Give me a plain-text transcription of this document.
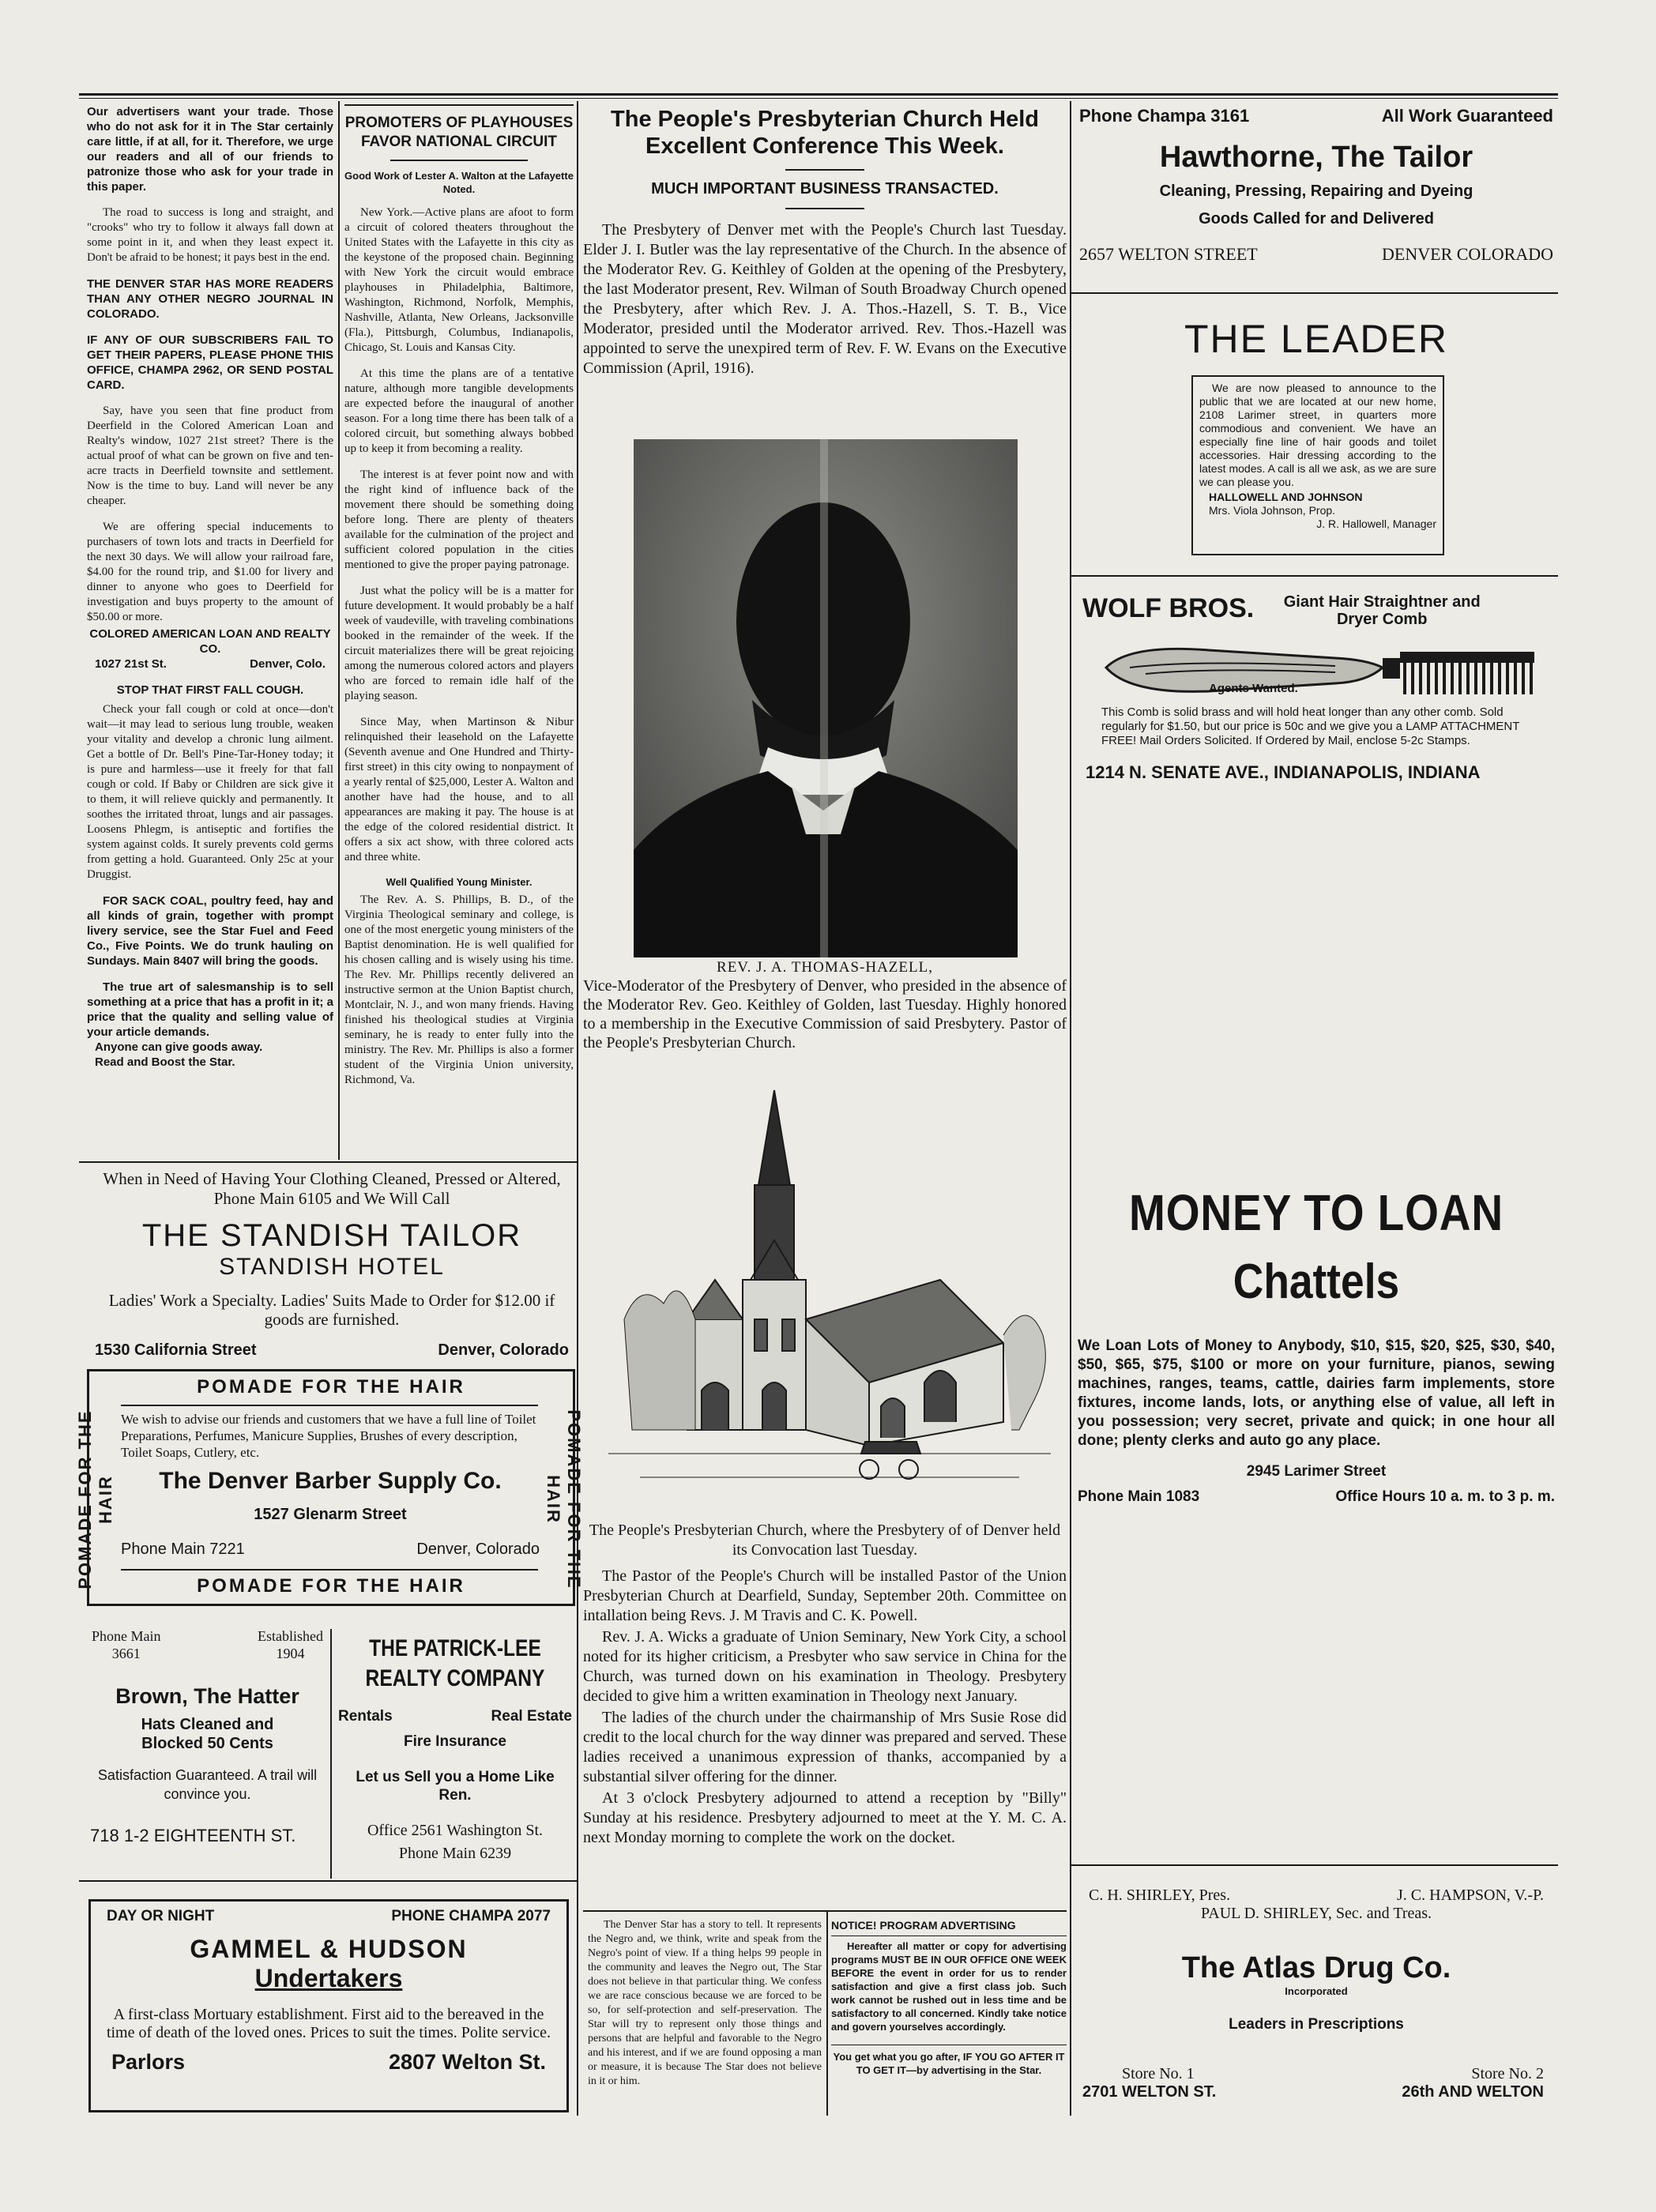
Our advertisers want your trade. Those who do not ask for it in The Star certainly care little, if at all, for it. Therefore, we urge our readers and all of our friends to patronize those who ask for your trade in this paper.

The road to success is long and straight, and "crooks" who try to follow it always fall down at some point in it, and when they least expect it. Don't be afraid to be honest; it pays best in the end.

THE DENVER STAR HAS MORE READERS THAN ANY OTHER NEGRO JOURNAL IN COLORADO.

IF ANY OF OUR SUBSCRIBERS FAIL TO GET THEIR PAPERS, PLEASE PHONE THIS OFFICE, CHAMPA 2962, OR SEND POSTAL CARD.

Say, have you seen that fine product from Deerfield in the Colored American Loan and Realty's window, 1027 21st street? There is the actual proof of what can be grown on five and ten-acre tracts in Deerfield townsite and settlement. Now is the time to buy. Land will never be any cheaper.

We are offering special inducements to purchasers of town lots and tracts in Deerfield for the next 30 days. We will allow your railroad fare, $4.00 for the round trip, and $1.00 for livery and dinner to anyone who goes to Deerfield for investigation and buys property to the amount of $50.00 or more.

COLORED AMERICAN LOAN AND REALTY CO.
1027 21st St.	Denver, Colo.
STOP THAT FIRST FALL COUGH.

Check your fall cough or cold at once—don't wait—it may lead to serious lung trouble, weaken your vitality and develop a chronic lung ailment. Get a bottle of Dr. Bell's Pine-Tar-Honey today; it is pure and harmless—use it freely for that fall cough or cold. If Baby or Children are sick give it to them, it will relieve quickly and permanently. It soothes the irritated throat, lungs and air passages. Loosens Phlegm, is antiseptic and fortifies the system against colds. It surely prevents cold germs from getting a hold. Guaranteed. Only 25c at your Druggist.

FOR SACK COAL, poultry feed, hay and all kinds of grain, together with prompt livery service, see the Star Fuel and Feed Co., Five Points. We do trunk hauling on Sundays. Main 8407 will bring the goods.

The true art of salesmanship is to sell something at a price that has a profit in it; a price that the quality and selling value of your article demands.

Anyone can give goods away.
Read and Boost the Star.
PROMOTERS OF PLAYHOUSES FAVOR NATIONAL CIRCUIT
Good Work of Lester A. Walton at the Lafayette Noted.

New York.—Active plans are afoot to form a circuit of colored theaters throughout the United States with the Lafayette in this city as the keystone of the proposed chain. Beginning with New York the circuit would embrace playhouses in Philadelphia, Baltimore, Washington, Richmond, Norfolk, Memphis, Nashville, Atlanta, New Orleans, Jacksonville (Fla.), Pittsburgh, Columbus, Indianapolis, Chicago, St. Louis and Kansas City.

At this time the plans are of a tentative nature, although more tangible developments are expected before the inaugural of another season. For a long time there has been talk of a colored circuit, but something always bobbed up to keep it from becoming a reality.

The interest is at fever point now and with the right kind of influence back of the movement there should be something doing before long. There are plenty of theaters available for the culmination of the project and sufficient colored population in the cities mentioned to give the proper paying patronage.

Just what the policy will be is a matter for future development. It would probably be a half week of vaudeville, with traveling combinations booked in the remainder of the week. If the circuit materializes there will be great rejoicing among the numerous colored actors and players who are forced to remain idle half of the playing season.

Since May, when Martinson & Nibur relinquished their leasehold on the Lafayette (Seventh avenue and One Hundred and Thirty-first street) in this city owing to nonpayment of a yearly rental of $25,000, Lester A. Walton and another have had the house, and to all appearances are making it pay. The house is at the edge of the colored residential district. It offers a six act show, with three colored acts and three white.

Well Qualified Young Minister.

The Rev. A. S. Phillips, B. D., of the Virginia Theological seminary and college, is one of the most energetic young ministers of the Baptist denomination. He is well qualified for his chosen calling and is wisely using his time. The Rev. Mr. Phillips recently delivered an instructive sermon at the Union Baptist church, Montclair, N. J., and won many friends. Having finished his theological studies at Virginia seminary, he is ready to enter fully into the ministry. The Rev. Mr. Phillips is also a former student of the Virginia Union university, Richmond, Va.

When in Need of Having Your Clothing Cleaned, Pressed or Altered, Phone Main 6105 and We Will Call
THE STANDISH TAILOR
STANDISH HOTEL
Ladies' Work a Specialty. Ladies' Suits Made to Order for $12.00 if goods are furnished.
1530 California Street	Denver, Colorado
POMADE FOR THE HAIR
POMADE FOR THE HAIR	POMADE FOR THE HAIR
We wish to advise our friends and customers that we have a full line of Toilet Preparations, Perfumes, Manicure Supplies, Brushes of every description, Toilet Soaps, Cutlery, etc.
The Denver Barber Supply Co.
1527 Glenarm Street
Phone Main 7221	Denver, Colorado
POMADE FOR THE HAIR
Phone Main
3661
Established
1904
Brown, The Hatter
Hats Cleaned and Blocked 50 Cents
Satisfaction Guaranteed. A trail will convince you.
718 1-2 EIGHTEENTH ST.
THE PATRICK-LEE REALTY COMPANY
Rentals	Real Estate
Fire Insurance
Let us Sell you a Home Like Ren.
Office 2561 Washington St.
Phone Main 6239
DAY OR NIGHT	PHONE CHAMPA 2077
GAMMEL & HUDSON
Undertakers
A first-class Mortuary establishment. First aid to the bereaved in the time of death of the loved ones. Prices to suit the times. Polite service.
Parlors	2807 Welton St.
The People's Presbyterian Church Held Excellent Conference This Week.
MUCH IMPORTANT BUSINESS TRANSACTED.
The Presbytery of Denver met with the People's Church last Tuesday. Elder J. I. Butler was the lay representative of the Church. In the absence of the Moderator Rev. G. Keithley of Golden at the opening of the Presbytery, the last Moderator present, Rev. Wilman of South Broadway Church opened the Presbytery, after which Rev. J. A. Thos.-Hazell, S. T. B., Vice Moderator, presided until the Moderator arrived. Rev. Thos.-Hazell was appointed to serve the unexpired term of Rev. F. W. Evans on the Executive Commission (April, 1916).
REV. J. A. THOMAS-HAZELL,
Vice-Moderator of the Presbytery of Denver, who presided in the absence of the Moderator Rev. Geo. Keithley of Golden, last Tuesday. Highly honored to a membership in the Executive Commission of said Presbytery. Pastor of the People's Presbyterian Church.
The People's Presbyterian Church, where the Presbytery of of Denver held its Convocation last Tuesday.

The Pastor of the People's Church will be installed Pastor of the Union Presbyterian Church at Dearfield, Sunday, September 20th. Committee on intallation being Revs. J. M Travis and C. K. Powell.

Rev. J. A. Wicks a graduate of Union Seminary, New York City, a school noted for its higher criticism, a Presbyter who saw service in China for the Church, was turned down on his examination in Theology. Presbytery decided to give him a written examination in Theology next January.

The ladies of the church under the chairmanship of Mrs Susie Rose did credit to the local church for the way dinner was prepared and served. These ladies received a unanimous expression of thanks, accompanied by a substantial silver offering for the dinner.

At 3 o'clock Presbytery adjourned to attend a reception by "Billy" Sunday at his residence. Presbytery adjourned to meet at the Y. M. C. A. next Monday morning to complete the work on the docket.

The Denver Star has a story to tell. It represents the Negro and, we think, write and speak from the Negro's point of view. If a thing helps 99 people in the community and leaves the Negro out, The Star does not believe in that particular thing. We confess we are race conscious because we are forced to be so, for self-protection and self-preservation. The Star will try to represent only those things and persons that are helpful and favorable to the Negro and his interest, and if we are found opposing a man or measure, it is because The Star does not believe in it or him.
NOTICE! PROGRAM ADVERTISING
Hereafter all matter or copy for advertising programs MUST BE IN OUR OFFICE ONE WEEK BEFORE the event in order for us to render satisfaction and give a first class job. Such work cannot be rushed out in less time and be satisfactory to all concerned. Kindly take notice and govern yourselves accordingly.
You get what you go after, IF YOU GO AFTER IT TO GET IT—by advertising in the Star.
Phone Champa 3161	All Work Guaranteed
Hawthorne, The Tailor
Cleaning, Pressing, Repairing and Dyeing
Goods Called for and Delivered
2657 WELTON STREET	DENVER COLORADO
THE LEADER
We are now pleased to announce to the public that we are located at our new home, 2108 Larimer street, in quarters more commodious and convenient. We have an especially fine line of hair goods and toilet accessories. Hair dressing according to the latest modes. A call is all we ask, as we are sure we can please you.
HALLOWELL AND JOHNSON
Mrs. Viola Johnson, Prop.
J. R. Hallowell, Manager
WOLF BROS.	Giant Hair Straightner and Dryer Comb
Agents Wanted.
This Comb is solid brass and will hold heat longer than any other comb. Sold regularly for $1.50, but our price is 50c and we give you a LAMP ATTACHMENT FREE! Mail Orders Solicited. If Ordered by Mail, enclose 5-2c Stamps.
1214 N. SENATE AVE., INDIANAPOLIS, INDIANA
MONEY TO LOAN
Chattels
We Loan Lots of Money to Anybody, $10, $15, $20, $25, $30, $40, $50, $65, $75, $100 or more on your furniture, pianos, sewing machines, ranges, teams, cattle, dairies farm implements, store fixtures, income lands, lots, or anything else of value, all left in you possession; very secret, private and quick; in one hour all done; plenty clerks and auto go any place.
2945 Larimer Street
Phone Main 1083	Office Hours 10 a. m. to 3 p. m.
C. H. SHIRLEY, Pres.	J. C. HAMPSON, V.-P.
PAUL D. SHIRLEY, Sec. and Treas.
The Atlas Drug Co.
Incorporated
Leaders in Prescriptions
Store No. 1	Store No. 2
2701 WELTON ST.	26th AND WELTON
